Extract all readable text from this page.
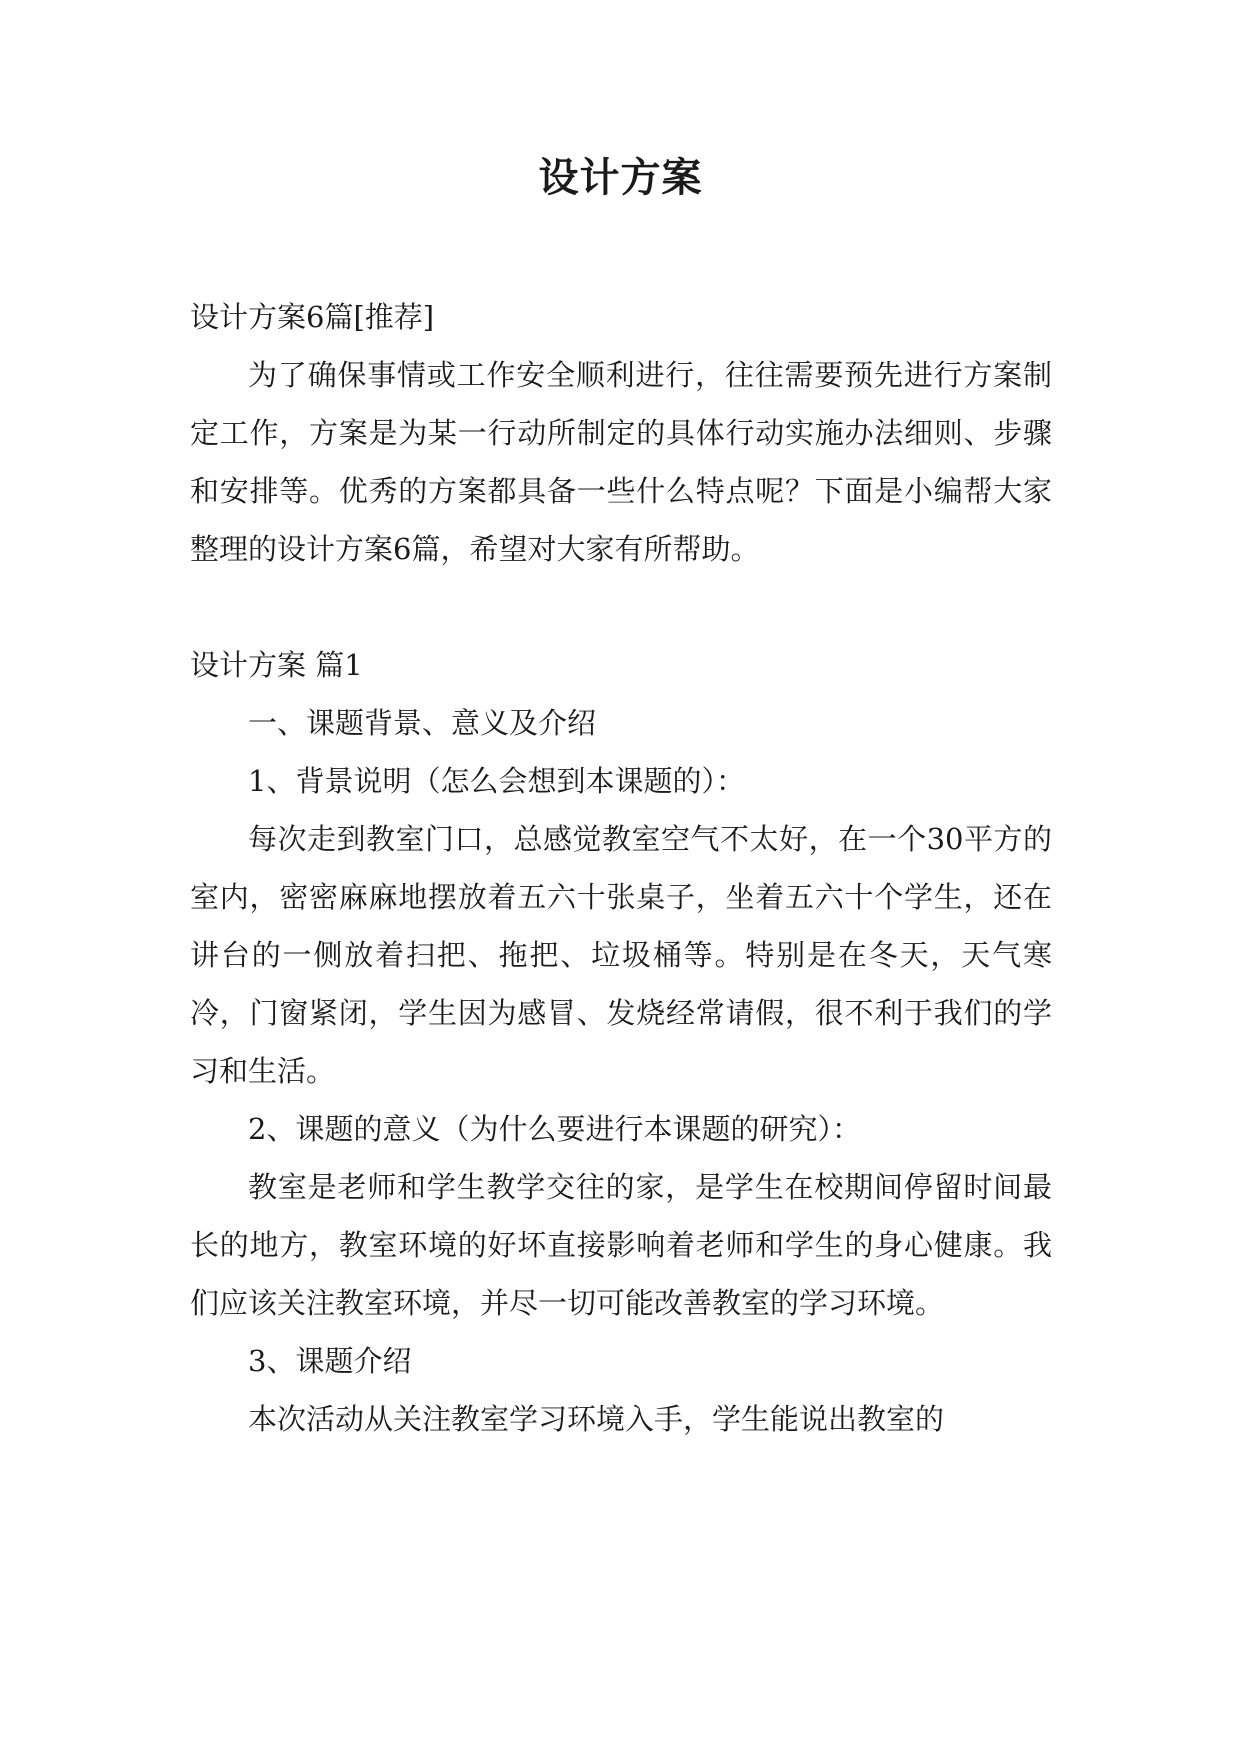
设计方案

设计方案6篇[推荐]

为了确保事情或工作安全顺利进行，往往需要预先进行方案制定工作，方案是为某一行动所制定的具体行动实施办法细则、步骤和安排等。优秀的方案都具备一些什么特点呢？下面是小编帮大家整理的设计方案6篇，希望对大家有所帮助。

设计方案 篇1

一、课题背景、意义及介绍

1、背景说明（怎么会想到本课题的）：

每次走到教室门口，总感觉教室空气不太好，在一个30平方的室内，密密麻麻地摆放着五六十张桌子，坐着五六十个学生，还在讲台的一侧放着扫把、拖把、垃圾桶等。特别是在冬天，天气寒冷，门窗紧闭，学生因为感冒、发烧经常请假，很不利于我们的学习和生活。

2、课题的意义（为什么要进行本课题的研究）：

教室是老师和学生教学交往的家，是学生在校期间停留时间最长的地方，教室环境的好坏直接影响着老师和学生的身心健康。我们应该关注教室环境，并尽一切可能改善教室的学习环境。

3、课题介绍

本次活动从关注教室学习环境入手，学生能说出教室的
